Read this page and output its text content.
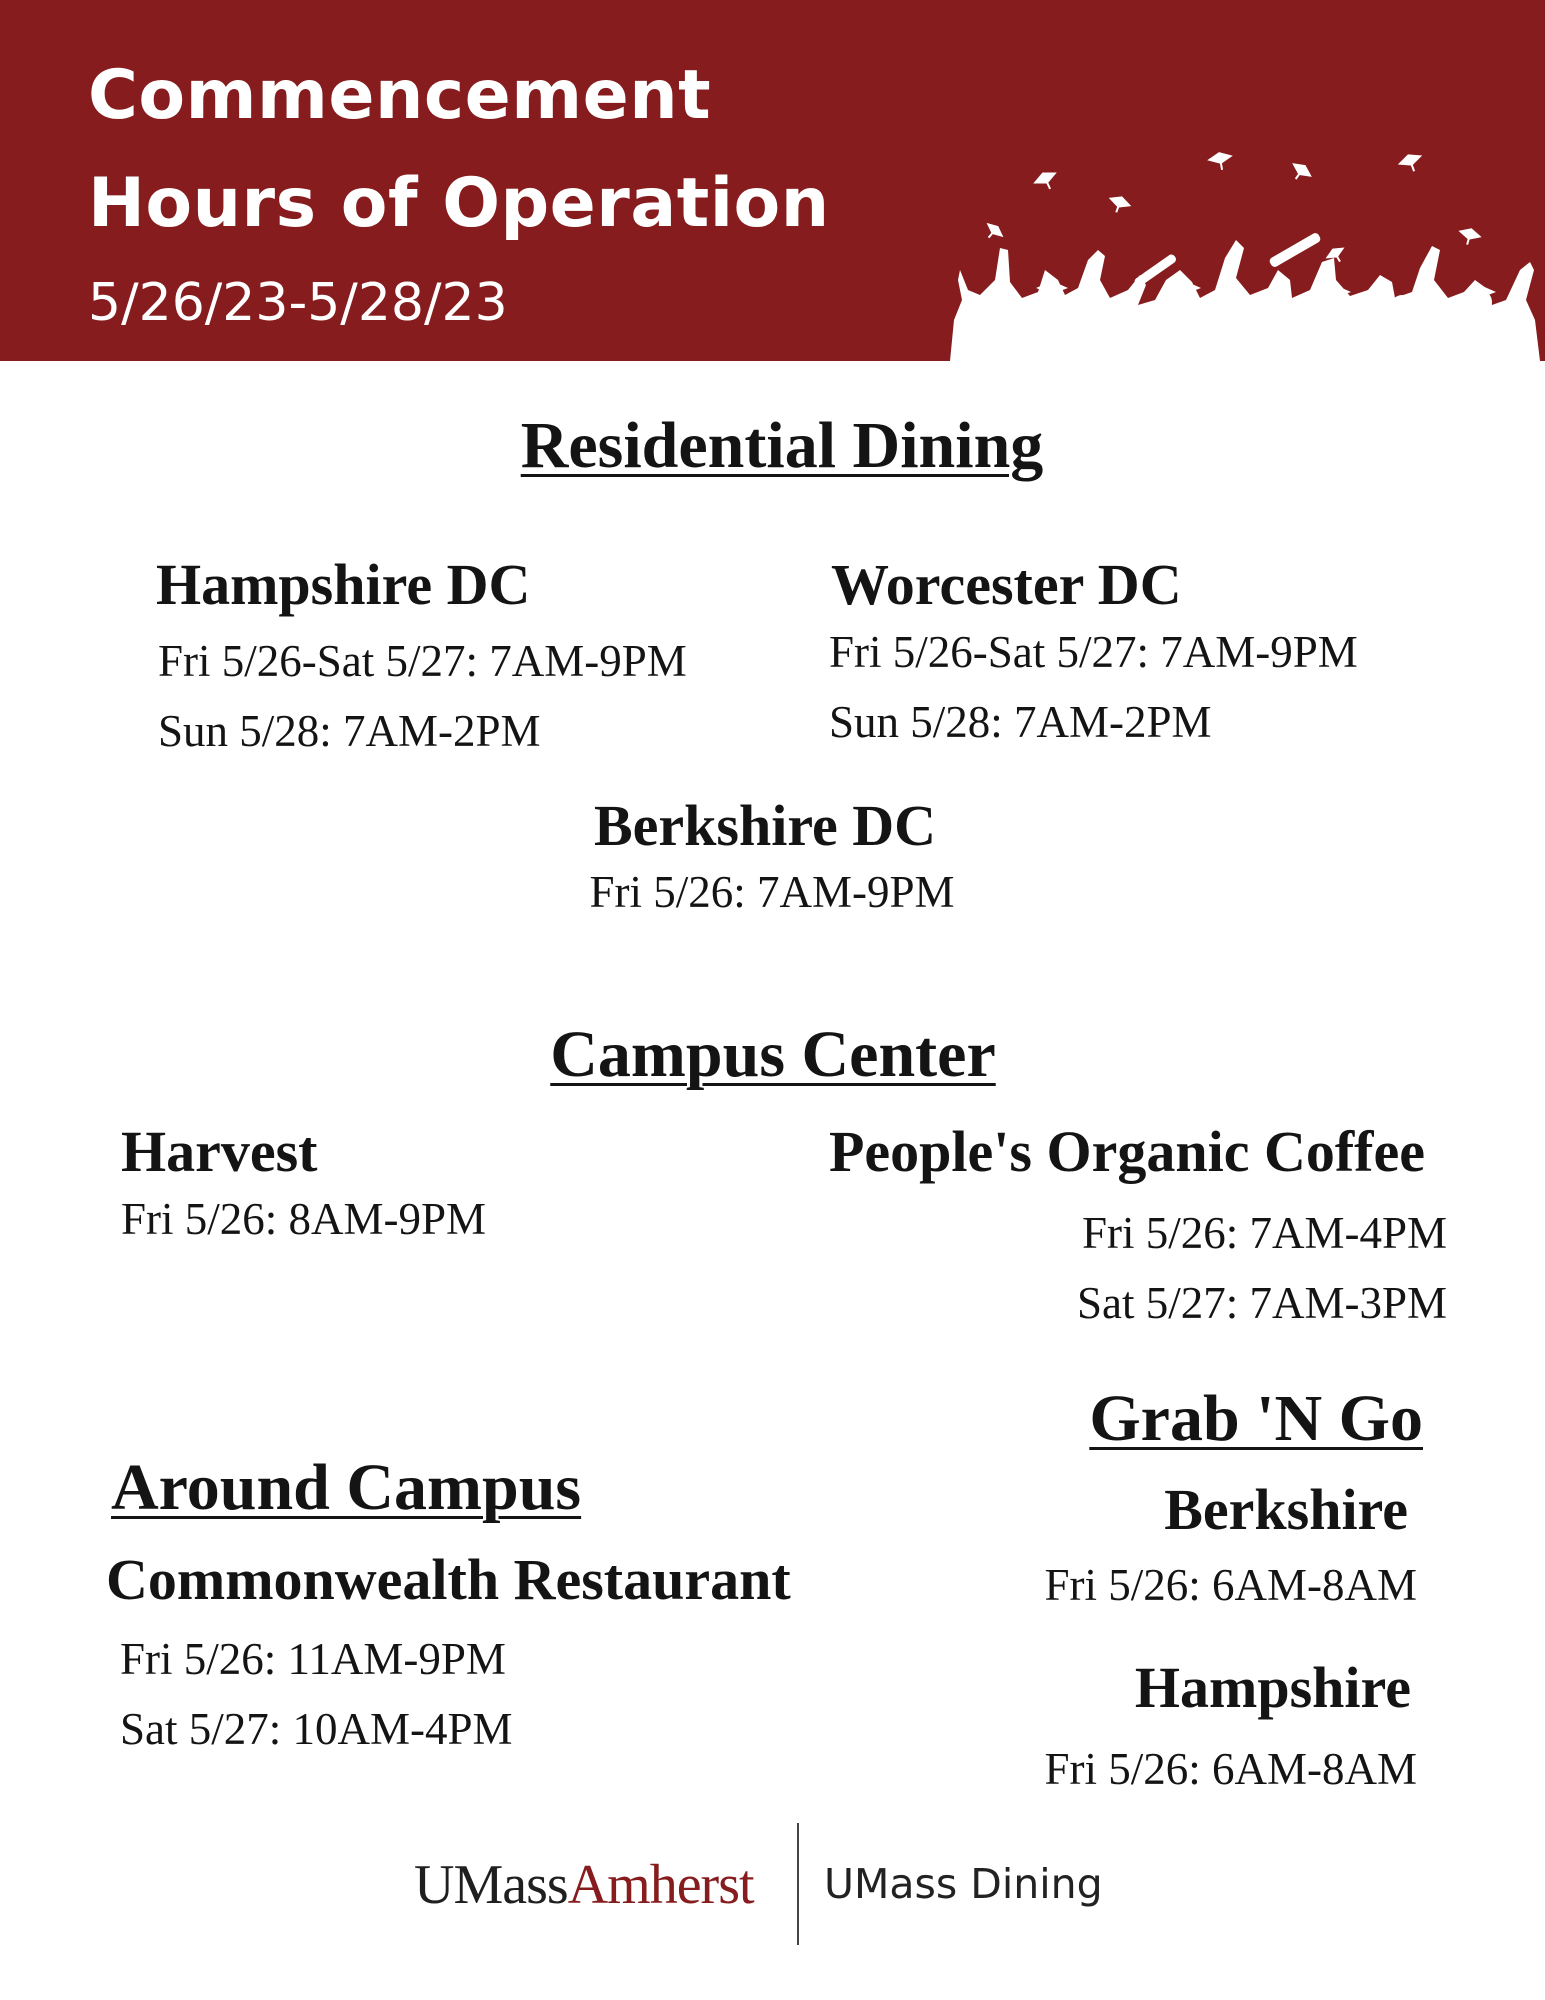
Commencement
Hours of Operation
5/26/23-5/28/23
Residential Dining
Hampshire DC
Fri 5/26-Sat 5/27: 7AM-9PM
Sun 5/28: 7AM-2PM
Worcester DC
Fri 5/26-Sat 5/27: 7AM-9PM
Sun 5/28: 7AM-2PM
Berkshire DC
Fri 5/26: 7AM-9PM
Campus Center
Harvest
Fri 5/26: 8AM-9PM
People's Organic Coffee
Fri 5/26: 7AM-4PM
Sat 5/27: 7AM-3PM
Grab 'N Go
Berkshire
Fri 5/26: 6AM-8AM
Hampshire
Fri 5/26: 6AM-8AM
Around Campus
Commonwealth Restaurant
Fri 5/26: 11AM-9PM
Sat 5/27: 10AM-4PM
UMassAmherst UMass Dining
